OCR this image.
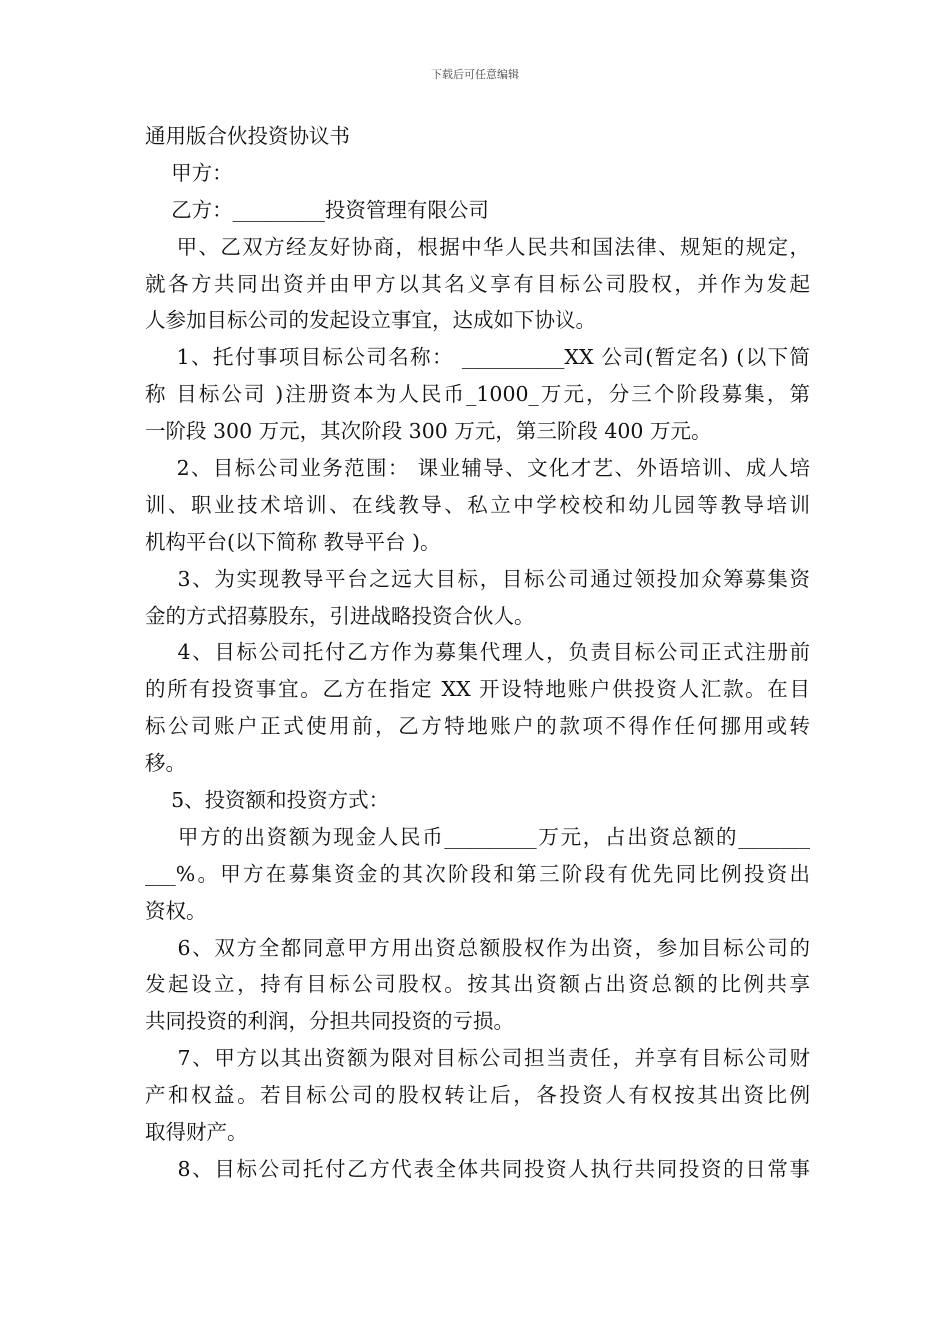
下载后可任意编辑
通用版合伙投资协议书
甲方：
乙方：_________投资管理有限公司
甲、乙双方经友好协商，根据中华人民共和国法律、规矩的规定，
就各方共同出资并由甲方以其名义享有目标公司股权，并作为发起
人参加目标公司的发起设立事宜，达成如下协议。
1、托付事项目标公司名称： __________XX 公司(暂定名) (以下简
称 目标公司 )注册资本为人民币_1000_万元，分三个阶段募集，第
一阶段 300 万元，其次阶段 300 万元，第三阶段 400 万元。
2、目标公司业务范围： 课业辅导、文化才艺、外语培训、成人培
训、职业技术培训、在线教导、私立中学校校和幼儿园等教导培训
机构平台(以下简称 教导平台 )。
3、为实现教导平台之远大目标，目标公司通过领投加众筹募集资
金的方式招募股东，引进战略投资合伙人。
4、目标公司托付乙方作为募集代理人，负责目标公司正式注册前
的所有投资事宜。乙方在指定 XX 开设特地账户供投资人汇款。在目
标公司账户正式使用前，乙方特地账户的款项不得作任何挪用或转
移。
5、投资额和投资方式：
甲方的出资额为现金人民币_________万元，占出资总额的_______
___%。甲方在募集资金的其次阶段和第三阶段有优先同比例投资出
资权。
6、双方全都同意甲方用出资总额股权作为出资，参加目标公司的
发起设立，持有目标公司股权。按其出资额占出资总额的比例共享
共同投资的利润，分担共同投资的亏损。
7、甲方以其出资额为限对目标公司担当责任，并享有目标公司财
产和权益。若目标公司的股权转让后，各投资人有权按其出资比例
取得财产。
8、目标公司托付乙方代表全体共同投资人执行共同投资的日常事
